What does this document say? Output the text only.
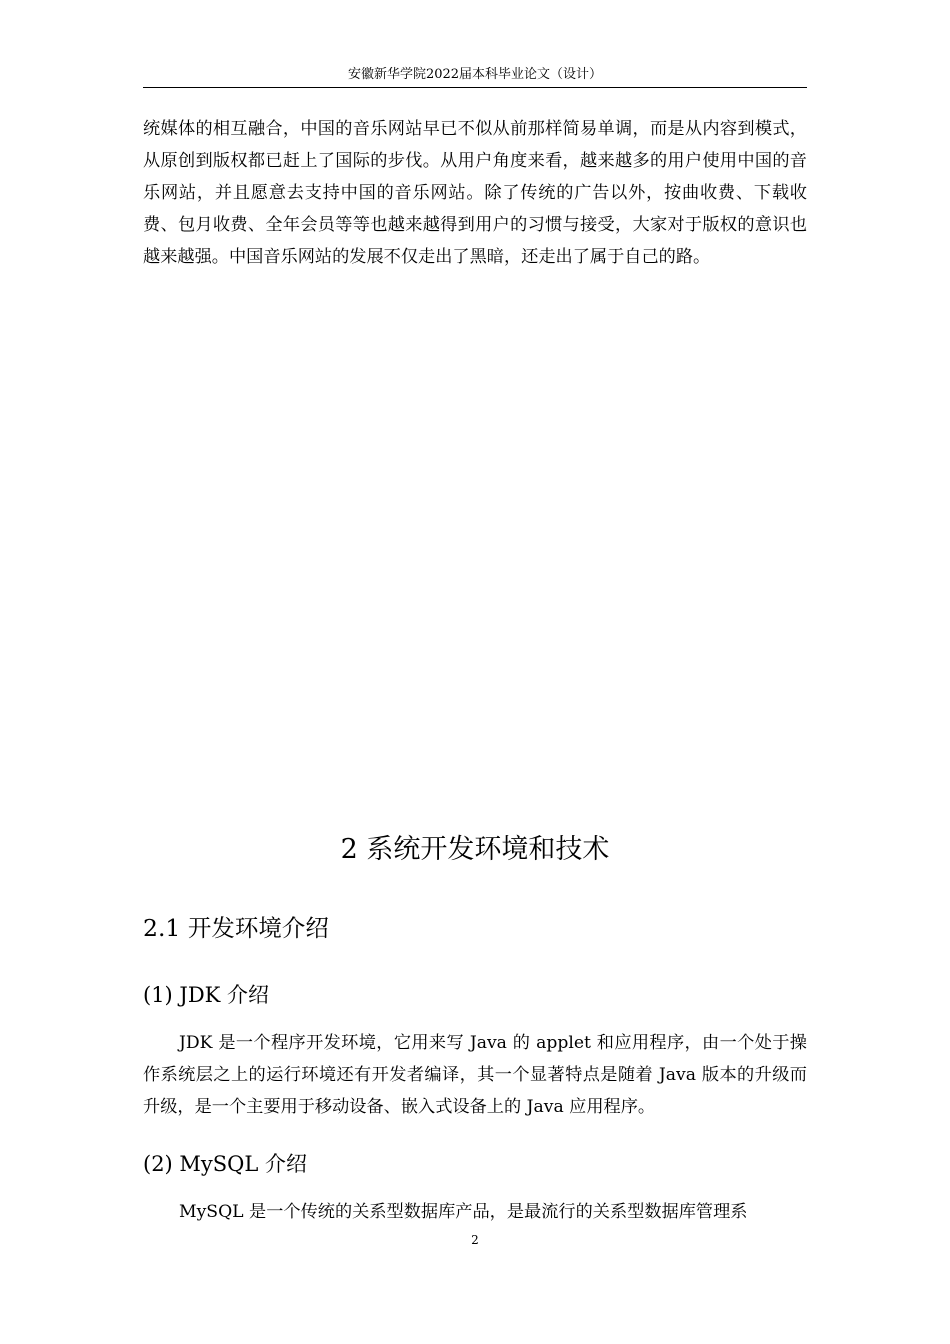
安徽新华学院2022届本科毕业论文（设计）

统媒体的相互融合，中国的音乐网站早已不似从前那样简易单调，而是从内容到模式，从原创到版权都已赶上了国际的步伐。从用户角度来看，越来越多的用户使用中国的音乐网站，并且愿意去支持中国的音乐网站。除了传统的广告以外，按曲收费、下载收费、包月收费、全年会员等等也越来越得到用户的习惯与接受，大家对于版权的意识也越来越强。中国音乐网站的发展不仅走出了黑暗，还走出了属于自己的路。

2 系统开发环境和技术
2.1 开发环境介绍
(1) JDK 介绍

JDK 是一个程序开发环境，它用来写 Java 的 applet 和应用程序，由一个处于操作系统层之上的运行环境还有开发者编译，其一个显著特点是随着 Java 版本的升级而升级，是一个主要用于移动设备、嵌入式设备上的 Java 应用程序。

(2) MySQL 介绍

MySQL 是一个传统的关系型数据库产品，是最流行的关系型数据库管理系

2
